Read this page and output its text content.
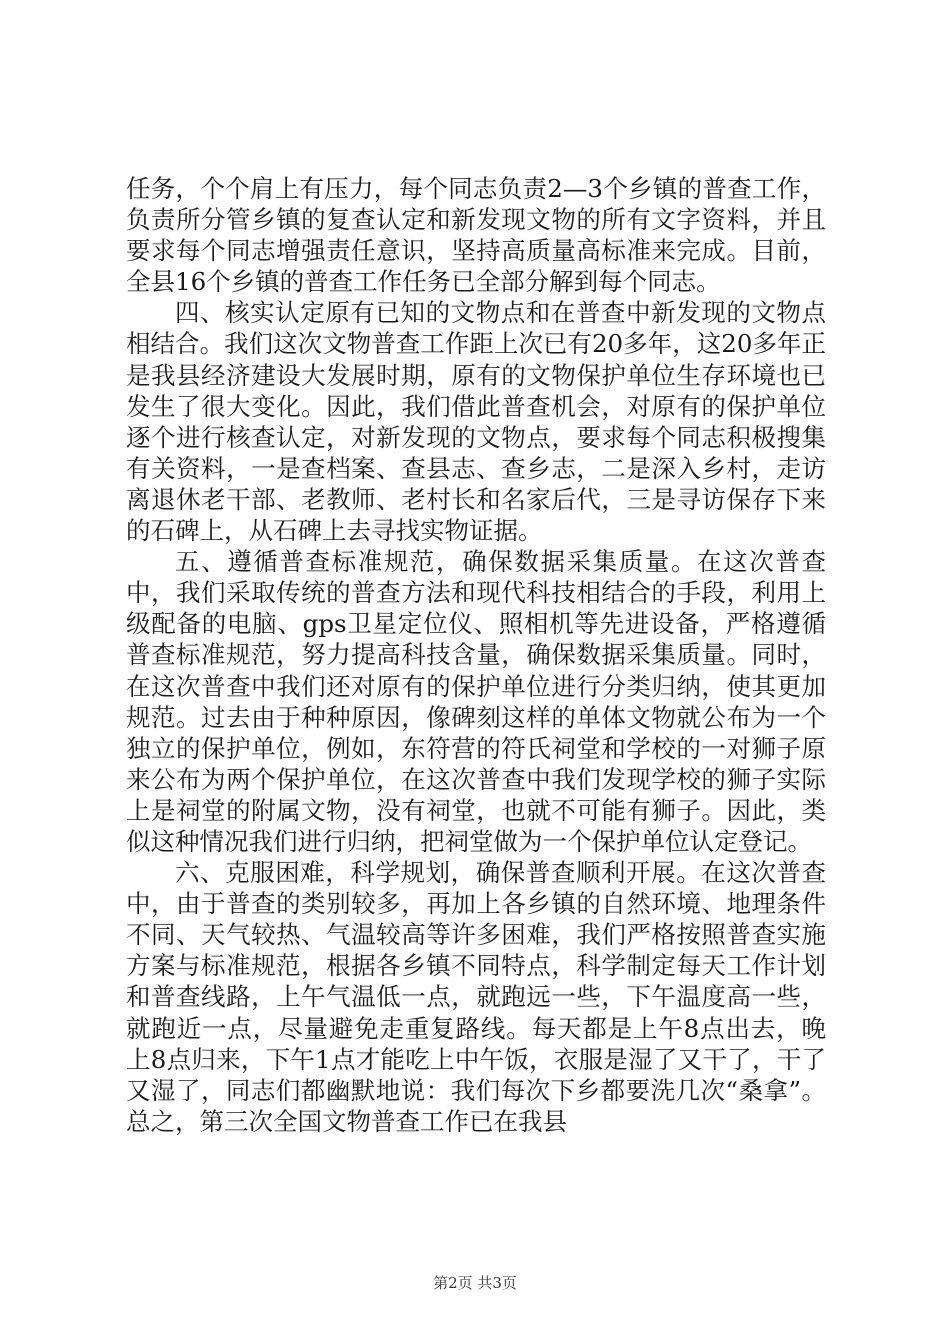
任务，个个肩上有压力，每个同志负责2—3个乡镇的普查工作，负责所分管乡镇的复查认定和新发现文物的所有文字资料，并且要求每个同志增强责任意识，坚持高质量高标准来完成。目前，全县16个乡镇的普查工作任务已全部分解到每个同志。

四、核实认定原有已知的文物点和在普查中新发现的文物点相结合。我们这次文物普查工作距上次已有20多年，这20多年正是我县经济建设大发展时期，原有的文物保护单位生存环境也已发生了很大变化。因此，我们借此普查机会，对原有的保护单位逐个进行核查认定，对新发现的文物点，要求每个同志积极搜集有关资料，一是查档案、查县志、查乡志，二是深入乡村，走访离退休老干部、老教师、老村长和名家后代，三是寻访保存下来的石碑上，从石碑上去寻找实物证据。

五、遵循普查标准规范，确保数据采集质量。在这次普查中，我们采取传统的普查方法和现代科技相结合的手段，利用上级配备的电脑、gps卫星定位仪、照相机等先进设备，严格遵循普查标准规范，努力提高科技含量，确保数据采集质量。同时，在这次普查中我们还对原有的保护单位进行分类归纳，使其更加规范。过去由于种种原因，像碑刻这样的单体文物就公布为一个独立的保护单位，例如，东符营的符氏祠堂和学校的一对狮子原来公布为两个保护单位，在这次普查中我们发现学校的狮子实际上是祠堂的附属文物，没有祠堂，也就不可能有狮子。因此，类似这种情况我们进行归纳，把祠堂做为一个保护单位认定登记。

六、克服困难，科学规划，确保普查顺利开展。在这次普查中，由于普查的类别较多，再加上各乡镇的自然环境、地理条件不同、天气较热、气温较高等许多困难，我们严格按照普查实施方案与标准规范，根据各乡镇不同特点，科学制定每天工作计划和普查线路，上午气温低一点，就跑远一些，下午温度高一些，就跑近一点，尽量避免走重复路线。每天都是上午8点出去，晚上8点归来，下午1点才能吃上中午饭，衣服是湿了又干了，干了又湿了，同志们都幽默地说：我们每次下乡都要洗几次“桑拿”。总之，第三次全国文物普查工作已在我县

第2页 共3页
